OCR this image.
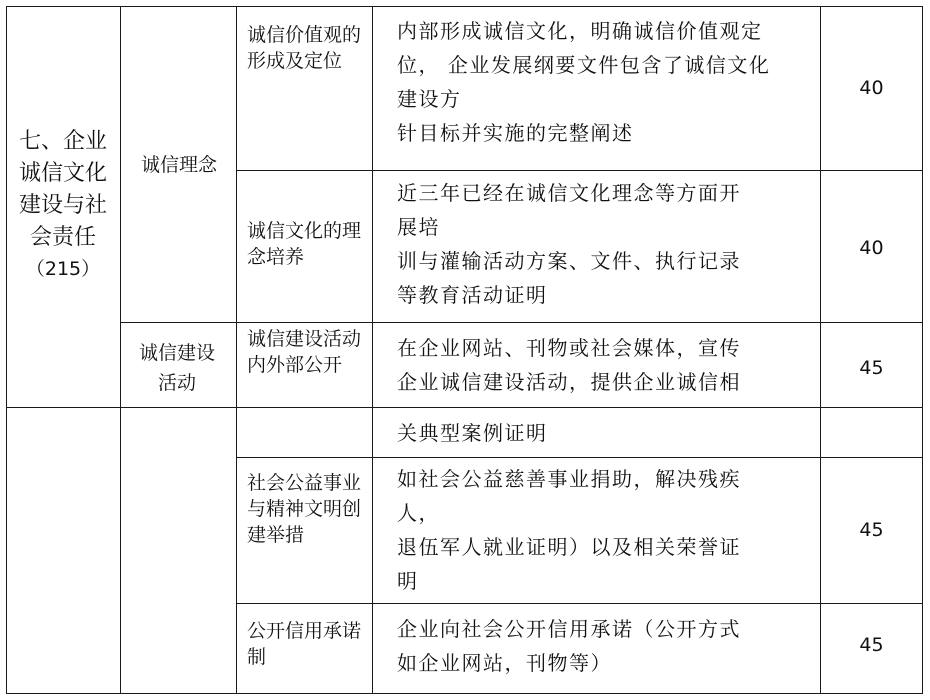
七、企业诚信文化建设与社会责任
（215）
诚信理念
诚信建设活动
诚信价值观的形成及定位
内部形成诚信文化，明确诚信价值观定
位， 企业发展纲要文件包含了诚信文化
建设方
针目标并实施的完整阐述
40
诚信文化的理念培养
近三年已经在诚信文化理念等方面开
展培
训与灌输活动方案、文件、执行记录
等教育活动证明
40
诚信建设活动内外部公开
在企业网站、刊物或社会媒体，宣传
企业诚信建设活动，提供企业诚信相
45
关典型案例证明
社会公益事业与精神文明创建举措
如社会公益慈善事业捐助，解决残疾
人，
退伍军人就业证明）以及相关荣誉证
明
45
公开信用承诺制
企业向社会公开信用承诺（公开方式
如企业网站，刊物等）
45
